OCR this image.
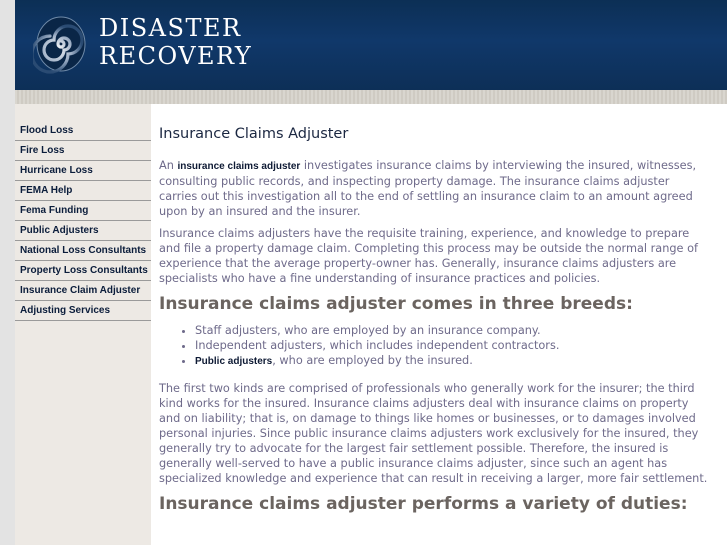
DISASTER
RECOVERY
Flood Loss
Fire Loss
Hurricane Loss
FEMA Help
Fema Funding
Public Adjusters
National Loss Consultants
Property Loss Consultants
Insurance Claim Adjuster
Adjusting Services
Insurance Claims Adjuster

An insurance claims adjuster investigates insurance claims by interviewing the insured, witnesses, consulting public records, and inspecting property damage. The insurance claims adjuster carries out this investigation all to the end of settling an insurance claim to an amount agreed upon by an insured and the insurer.

Insurance claims adjusters have the requisite training, experience, and knowledge to prepare and file a property damage claim. Completing this process may be outside the normal range of experience that the average property-owner has. Generally, insurance claims adjusters are specialists who have a fine understanding of insurance practices and policies.

Insurance claims adjuster comes in three breeds:
• Staff adjusters, who are employed by an insurance company.
• Independent adjusters, which includes independent contractors.
• Public adjusters, who are employed by the insured.

The first two kinds are comprised of professionals who generally work for the insurer; the third kind works for the insured. Insurance claims adjusters deal with insurance claims on property and on liability; that is, on damage to things like homes or businesses, or to damages involved personal injuries. Since public insurance claims adjusters work exclusively for the insured, they generally try to advocate for the largest fair settlement possible. Therefore, the insured is generally well-served to have a public insurance claims adjuster, since such an agent has specialized knowledge and experience that can result in receiving a larger, more fair settlement.

Insurance claims adjuster performs a variety of duties:
